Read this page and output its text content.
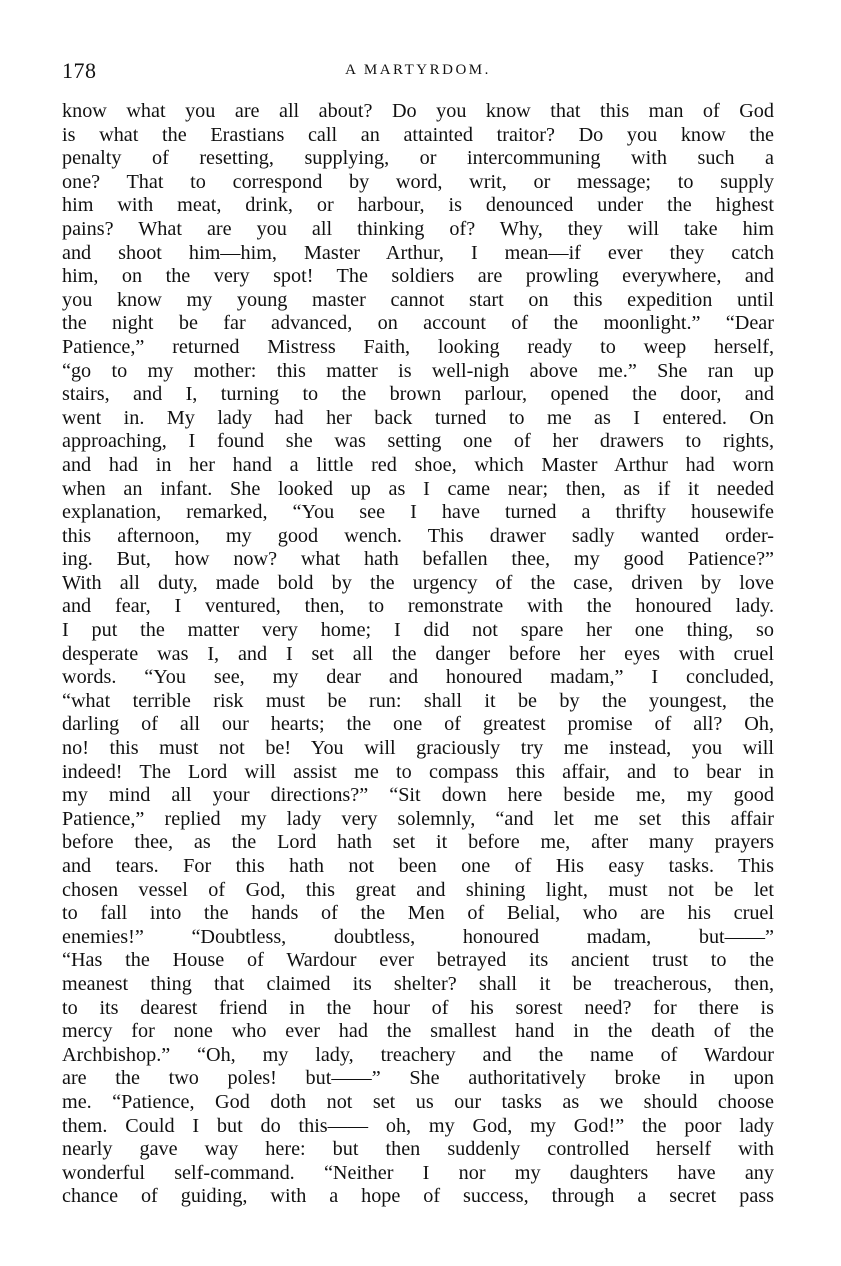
178	A MARTYRDOM.
know what you are all about? Do you know that this man of God
is what the Erastians call an attainted traitor? Do you know the
penalty of resetting, supplying, or intercommuning with such a
one? That to correspond by word, writ, or message; to supply
him with meat, drink, or harbour, is denounced under the highest
pains? What are you all thinking of? Why, they will take him
and shoot him—him, Master Arthur, I mean—if ever they catch
him, on the very spot! The soldiers are prowling everywhere, and
you know my young master cannot start on this expedition until
the night be far advanced, on account of the moonlight.” “Dear
Patience,” returned Mistress Faith, looking ready to weep herself,
“go to my mother: this matter is well-nigh above me.” She ran up
stairs, and I, turning to the brown parlour, opened the door, and
went in. My lady had her back turned to me as I entered. On
approaching, I found she was setting one of her drawers to rights,
and had in her hand a little red shoe, which Master Arthur had worn
when an infant. She looked up as I came near; then, as if it needed
explanation, remarked, “You see I have turned a thrifty housewife
this afternoon, my good wench. This drawer sadly wanted order-
ing. But, how now? what hath befallen thee, my good Patience?”
With all duty, made bold by the urgency of the case, driven by love
and fear, I ventured, then, to remonstrate with the honoured lady.
I put the matter very home; I did not spare her one thing, so
desperate was I, and I set all the danger before her eyes with cruel
words. “You see, my dear and honoured madam,” I concluded,
“what terrible risk must be run: shall it be by the youngest, the
darling of all our hearts; the one of greatest promise of all? Oh,
no! this must not be! You will graciously try me instead, you will
indeed! The Lord will assist me to compass this affair, and to bear in
my mind all your directions?” “Sit down here beside me, my good
Patience,” replied my lady very solemnly, “and let me set this affair
before thee, as the Lord hath set it before me, after many prayers
and tears. For this hath not been one of His easy tasks. This
chosen vessel of God, this great and shining light, must not be let
to fall into the hands of the Men of Belial, who are his cruel
enemies!” “Doubtless, doubtless, honoured madam, but——”
“Has the House of Wardour ever betrayed its ancient trust to the
meanest thing that claimed its shelter? shall it be treacherous, then,
to its dearest friend in the hour of his sorest need? for there is
mercy for none who ever had the smallest hand in the death of the
Archbishop.” “Oh, my lady, treachery and the name of Wardour
are the two poles! but——” She authoritatively broke in upon
me. “Patience, God doth not set us our tasks as we should choose
them. Could I but do this—— oh, my God, my God!” the poor lady
nearly gave way here: but then suddenly controlled herself with
wonderful self-command. “Neither I nor my daughters have any
chance of guiding, with a hope of success, through a secret pass
